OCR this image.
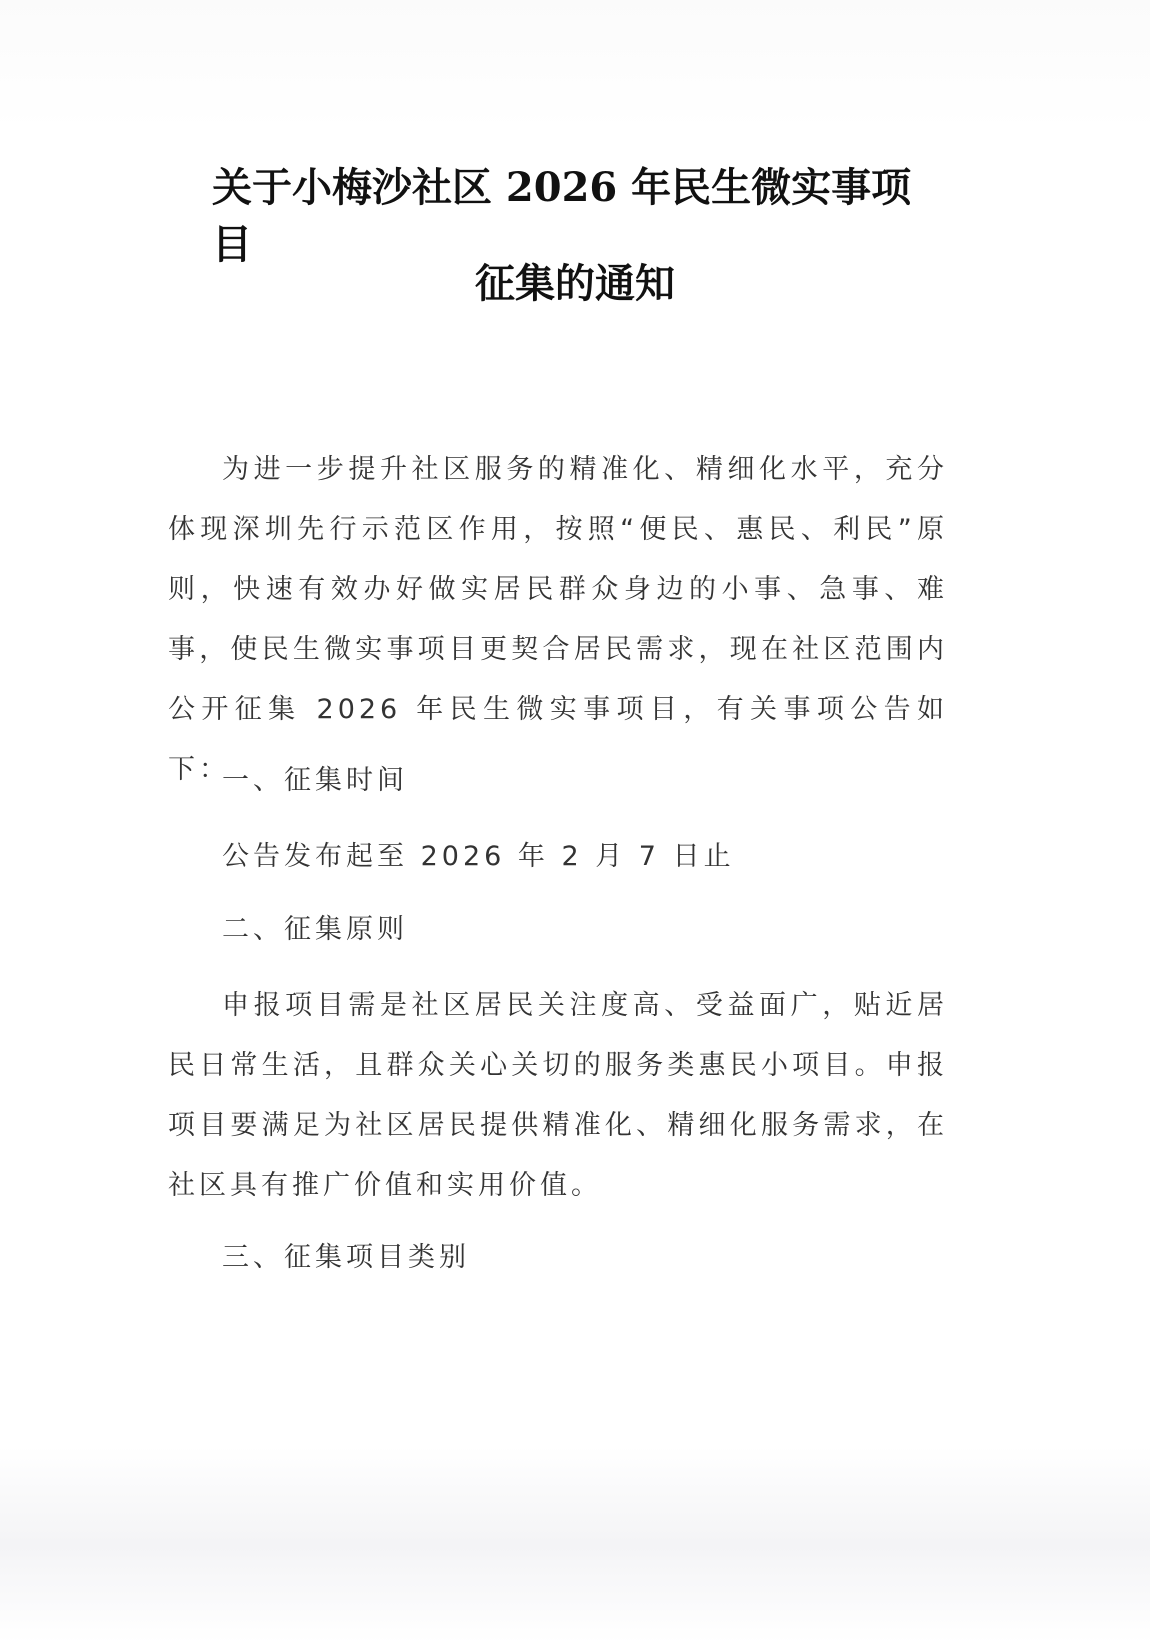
关于小梅沙社区 2026 年民生微实事项目
征集的通知

为进一步提升社区服务的精准化、精细化水平，充分体现深圳先行示范区作用，按照“便民、惠民、利民”原则，快速有效办好做实居民群众身边的小事、急事、难事，使民生微实事项目更契合居民需求，现在社区范围内公开征集 2026 年民生微实事项目，有关事项公告如下：

一、征集时间

公告发布起至 2026 年 2 月 7 日止

二、征集原则

申报项目需是社区居民关注度高、受益面广，贴近居民日常生活，且群众关心关切的服务类惠民小项目。申报项目要满足为社区居民提供精准化、精细化服务需求，在社区具有推广价值和实用价值。

三、征集项目类别
